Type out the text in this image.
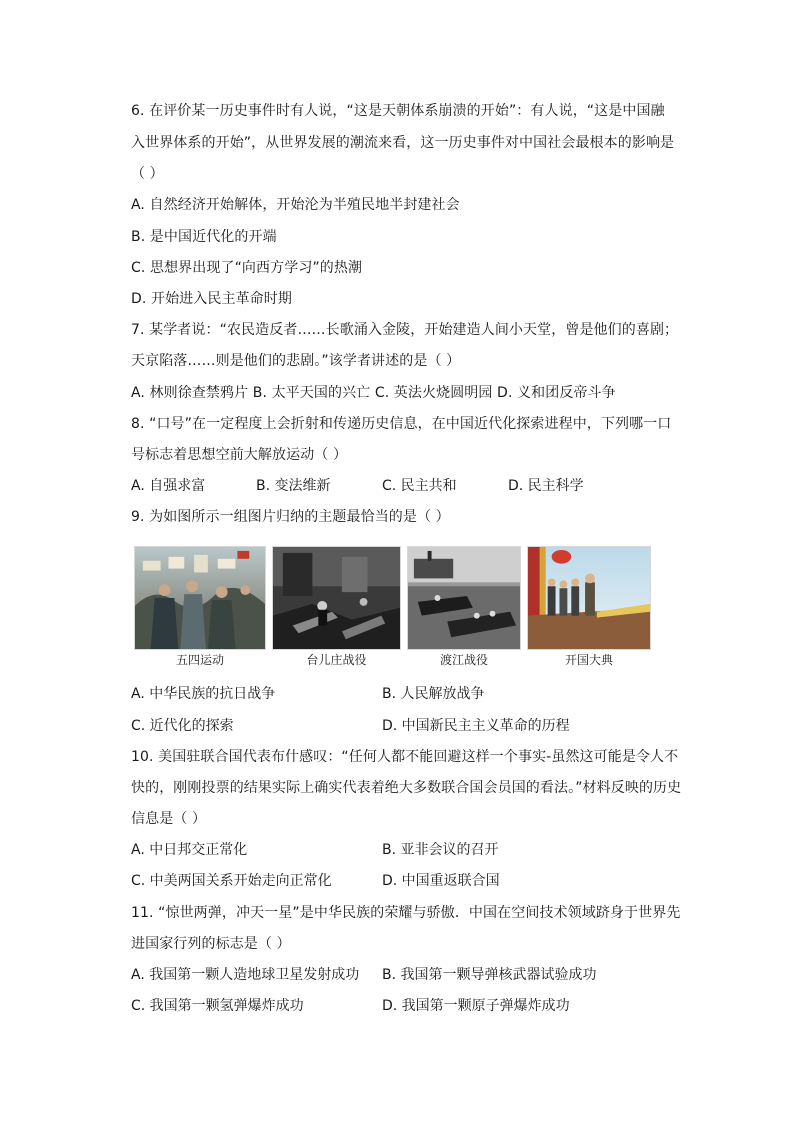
6. 在评价某一历史事件时有人说，“这是天朝体系崩溃的开始”：有人说，“这是中国融
入世界体系的开始”，从世界发展的潮流来看，这一历史事件对中国社会最根本的影响是
（ ）
A. 自然经济开始解体，开始沦为半殖民地半封建社会
B. 是中国近代化的开端
C. 思想界出现了“向西方学习”的热潮
D. 开始进入民主革命时期
7. 某学者说：“农民造反者……长歌涌入金陵，开始建造人间小天堂，曾是他们的喜剧；
天京陷落……则是他们的悲剧。”该学者讲述的是（ ）
A. 林则徐查禁鸦片 B. 太平天国的兴亡 C. 英法火烧圆明园 D. 义和团反帝斗争
8. “口号”在一定程度上会折射和传递历史信息，在中国近代化探索进程中，下列哪一口
号标志着思想空前大解放运动（ ）
A. 自强求富	B. 变法维新	C. 民主共和	D. 民主科学
9. 为如图所示一组图片归纳的主题最恰当的是（ ）
五四运动	台儿庄战役	渡江战役	开国大典
A. 中华民族的抗日战争	B. 人民解放战争
C. 近代化的探索	D. 中国新民主主义革命的历程
10. 美国驻联合国代表布什感叹：“任何人都不能回避这样一个事实-虽然这可能是令人不
快的，刚刚投票的结果实际上确实代表着绝大多数联合国会员国的看法。”材料反映的历史
信息是（ ）
A. 中日邦交正常化	B. 亚非会议的召开
C. 中美两国关系开始走向正常化	D. 中国重返联合国
11. “惊世两弹，冲天一星”是中华民族的荣耀与骄傲．中国在空间技术领域跻身于世界先
进国家行列的标志是（ ）
A. 我国第一颗人造地球卫星发射成功 B. 我国第一颗导弹核武器试验成功
C. 我国第一颗氢弹爆炸成功	D. 我国第一颗原子弹爆炸成功
